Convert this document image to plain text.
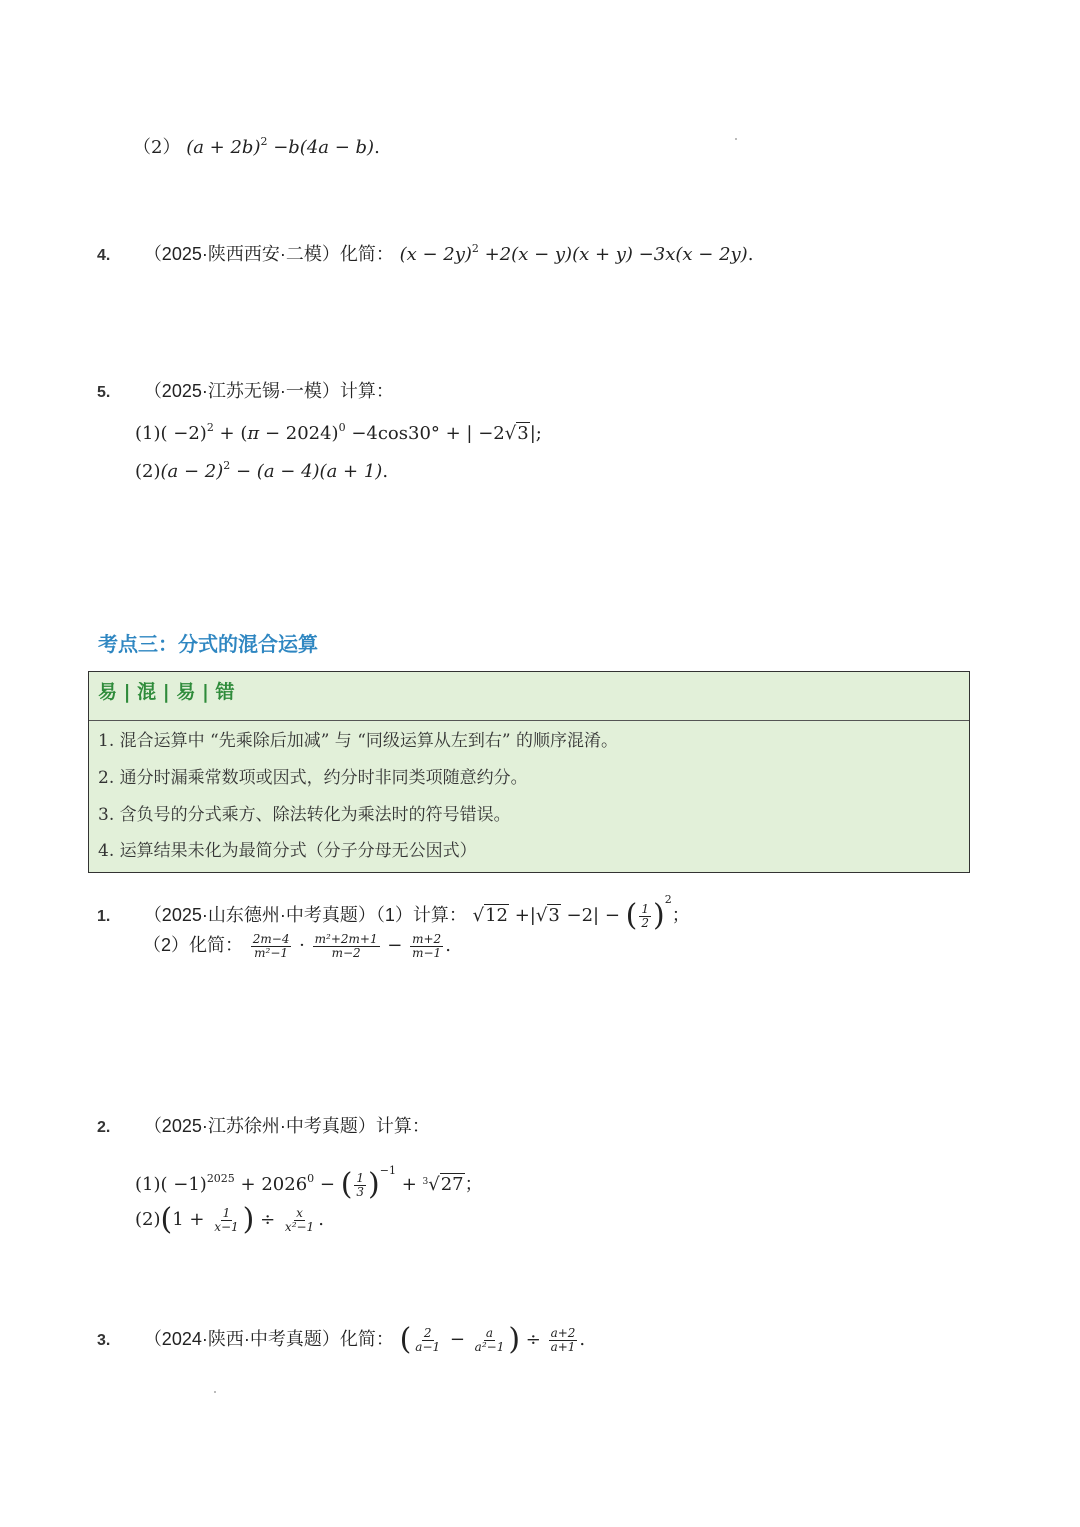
（2） $(a + 2b)^2 -b(4a - b)$.
4. （2025·陕西西安·二模）化简： $(x - 2y)^2 +2(x - y)(x + y) -3x(x - 2y)$.
5. （2025·江苏无锡·一模）计算：
$(1)( -2)^2 + (\pi - 2024)^0 -4\cos 30^\circ$ + | −2√3|;
$(2)(a - 2)^2 - (a - 4)(a + 1)$.
考点三：分式的混合运算
易 | 混 | 易 | 错
1. 混合运算中 “先乘除后加减” 与 “同级运算从左到右” 的顺序混淆。
2. 通分时漏乘常数项或因式，约分时非同类项随意约分。
3. 含负号的分式乘方、除法转化为乘法时的符号错误。
4. 运算结果未化为最简分式（分子分母无公因式）
1. （2025·山东德州·中考真题）（1）计算： √12 +|√3 −2| − ( $\frac{1}{2} )^2$；
（2）化简： $\frac{2m-4}{\text{m²−1}} \cdot \frac{\text{m²+2m+1}}{m-2} - \frac{m+2}{m-1}$ .
2. （2025·江苏徐州·中考真题）计算：
$(1)( -1)^{2025} + 2026^0$ − ( $\frac{1}{3} )^{-1} + ^3√27$；
$(2)(1 + \frac{1}{x-1}$ ) ÷ $\frac{x}{\text{x²−1}}$ .
3. （2024·陕西·中考真题）化简： ( $\frac{2}{a-1} - \frac{a}{\text{a²−1}}$ ) ÷ $\frac{a+2}{a+1}$ .
